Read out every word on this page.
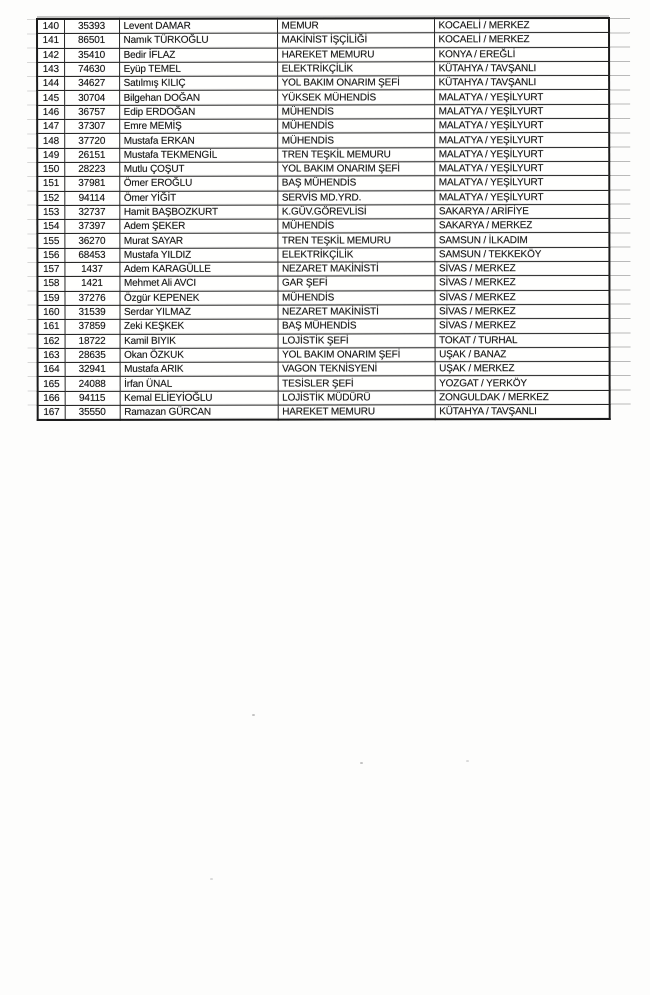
140	35393	Levent DAMAR	MEMUR	KOCAELİ / MERKEZ
141	86501	Namık TÜRKOĞLU	MAKİNİST İŞÇİLİĞİ	KOCAELİ / MERKEZ
142	35410	Bedir İFLAZ	HAREKET MEMURU	KONYA / EREĞLİ
143	74630	Eyüp TEMEL	ELEKTRİKÇİLİK	KÜTAHYA / TAVŞANLI
144	34627	Satılmış KILIÇ	YOL BAKIM ONARIM ŞEFİ	KÜTAHYA / TAVŞANLI
145	30704	Bilgehan DOĞAN	YÜKSEK MÜHENDİS	MALATYA / YEŞİLYURT
146	36757	Edip ERDOĞAN	MÜHENDİS	MALATYA / YEŞİLYURT
147	37307	Emre MEMİŞ	MÜHENDİS	MALATYA / YEŞİLYURT
148	37720	Mustafa ERKAN	MÜHENDİS	MALATYA / YEŞİLYURT
149	26151	Mustafa TEKMENGİL	TREN TEŞKİL MEMURU	MALATYA / YEŞİLYURT
150	28223	Mutlu ÇOŞUT	YOL BAKIM ONARIM ŞEFİ	MALATYA / YEŞİLYURT
151	37981	Ömer EROĞLU	BAŞ MÜHENDİS	MALATYA / YEŞİLYURT
152	94114	Ömer YİĞİT	SERVİS MD.YRD.	MALATYA / YEŞİLYURT
153	32737	Hamit BAŞBOZKURT	K.GÜV.GÖREVLİSİ	SAKARYA / ARİFİYE
154	37397	Adem ŞEKER	MÜHENDİS	SAKARYA / MERKEZ
155	36270	Murat SAYAR	TREN TEŞKİL MEMURU	SAMSUN / İLKADIM
156	68453	Mustafa YILDIZ	ELEKTRİKÇİLİK	SAMSUN / TEKKEKÖY
157	1437	Adem KARAGÜLLE	NEZARET MAKİNİSTİ	SİVAS / MERKEZ
158	1421	Mehmet Ali AVCI	GAR ŞEFİ	SİVAS / MERKEZ
159	37276	Özgür KEPENEK	MÜHENDİS	SİVAS / MERKEZ
160	31539	Serdar YILMAZ	NEZARET MAKİNİSTİ	SİVAS / MERKEZ
161	37859	Zeki KEŞKEK	BAŞ MÜHENDİS	SİVAS / MERKEZ
162	18722	Kamil BIYIK	LOJİSTİK ŞEFİ	TOKAT / TURHAL
163	28635	Okan ÖZKUK	YOL BAKIM ONARIM ŞEFİ	UŞAK / BANAZ
164	32941	Mustafa ARIK	VAGON TEKNİSYENİ	UŞAK / MERKEZ
165	24088	İrfan ÜNAL	TESİSLER ŞEFİ	YOZGAT / YERKÖY
166	94115	Kemal ELİEYİOĞLU	LOJİSTİK MÜDÜRÜ	ZONGULDAK / MERKEZ
167	35550	Ramazan GÜRCAN	HAREKET MEMURU	KÜTAHYA / TAVŞANLI
